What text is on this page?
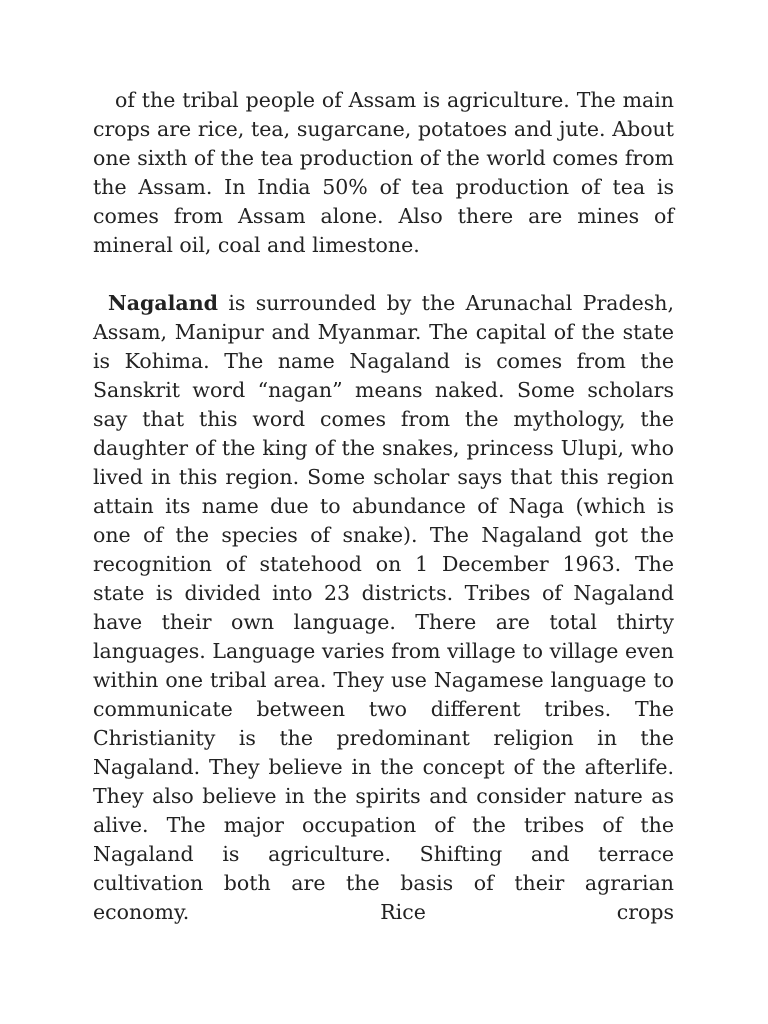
of the tribal people of Assam is agriculture. The main crops are rice, tea, sugarcane, potatoes and jute. About one sixth of the tea production of the world comes from the Assam. In India 50% of tea production of tea is comes from Assam alone. Also there are mines of mineral oil, coal and limestone.

Nagaland is surrounded by the Arunachal Pradesh, Assam, Manipur and Myanmar. The capital of the state is Kohima. The name Nagaland is comes from the Sanskrit word “nagan” means naked. Some scholars say that this word comes from the mythology, the daughter of the king of the snakes, princess Ulupi, who lived in this region. Some scholar says that this region attain its name due to abundance of Naga (which is one of the species of snake). The Nagaland got the recognition of statehood on 1 December 1963. The state is divided into 23 districts. Tribes of Nagaland have their own language. There are total thirty languages. Language varies from village to village even within one tribal area. They use Nagamese language to communicate between two different tribes. The Christianity is the predominant religion in the Nagaland. They believe in the concept of the afterlife. They also believe in the spirits and consider nature as alive. The major occupation of the tribes of the Nagaland is agriculture. Shifting and terrace cultivation both are the basis of their agrarian economy. Rice crops
